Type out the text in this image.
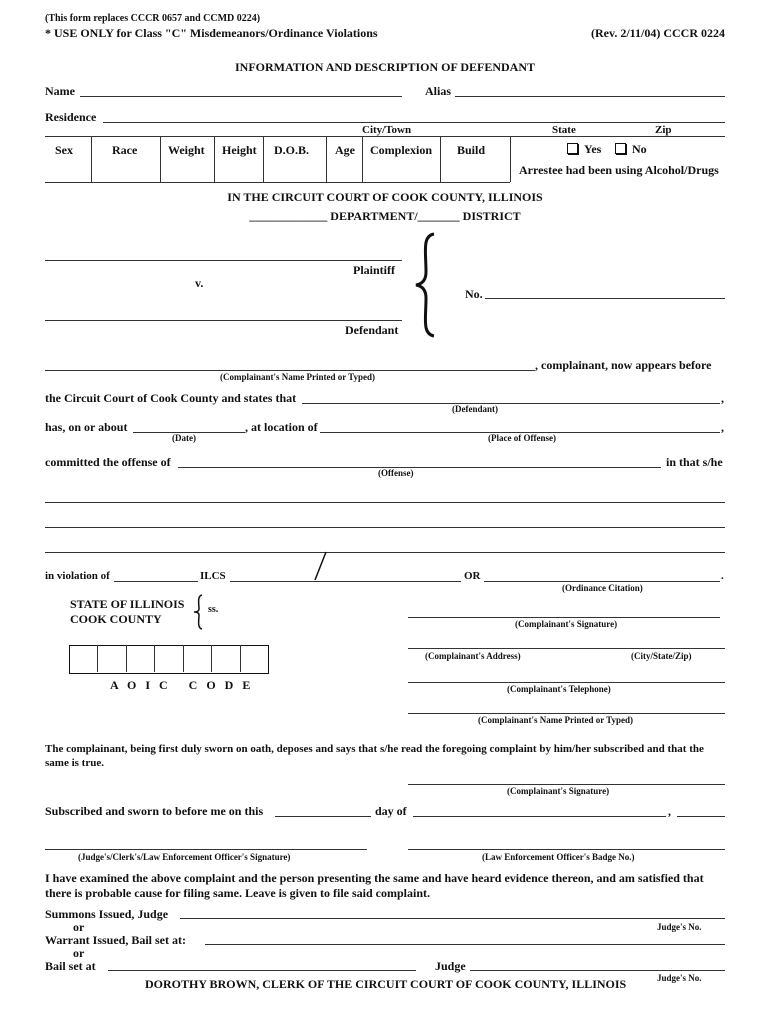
(This form replaces CCCR 0657 and CCMD 0224)
* USE ONLY for Class "C" Misdemeanors/Ordinance Violations	(Rev. 2/11/04) CCCR 0224
INFORMATION AND DESCRIPTION OF DEFENDANT
Name	Alias
Residence
City/Town	State	Zip
Sex	Race	Weight Height D.O.B. Age Complexion Build	Yes	No
Arrestee had been using Alcohol/Drugs
IN THE CIRCUIT COURT OF COOK COUNTY, ILLINOIS
_____________ DEPARTMENT/_______ DISTRICT
Plaintiff
v.
Defendant
No.
, complainant, now appears before
(Complainant's Name Printed or Typed)
the Circuit Court of Cook County and states that	,
(Defendant)
has, on or about	, at location of	,
(Date)	(Place of Offense)
committed the offense of	in that s/he
(Offense)
in violation of	ILCS	OR	.
(Ordinance Citation)
STATE OF ILLINOIS
COOK COUNTY
ss.
A O I C   C O D E
(Complainant's Signature)
(Complainant's Address)	(City/State/Zip)
(Complainant's Telephone)
(Complainant's Name Printed or Typed)
The complainant, being first duly sworn on oath, deposes and says that s/he read the foregoing complaint by him/her subscribed and that the same is true.
(Complainant's Signature)
Subscribed and sworn to before me on this	day of	,
(Judge's/Clerk's/Law Enforcement Officer's Signature)	(Law Enforcement Officer's Badge No.)
I have examined the above complaint and the person presenting the same and have heard evidence thereon, and am satisfied that there is probable cause for filing same. Leave is given to file said complaint.
Summons Issued, Judge
or	Judge's No.
Warrant Issued, Bail set at:
or
Bail set at	Judge
Judge's No.
DOROTHY BROWN, CLERK OF THE CIRCUIT COURT OF COOK COUNTY, ILLINOIS
